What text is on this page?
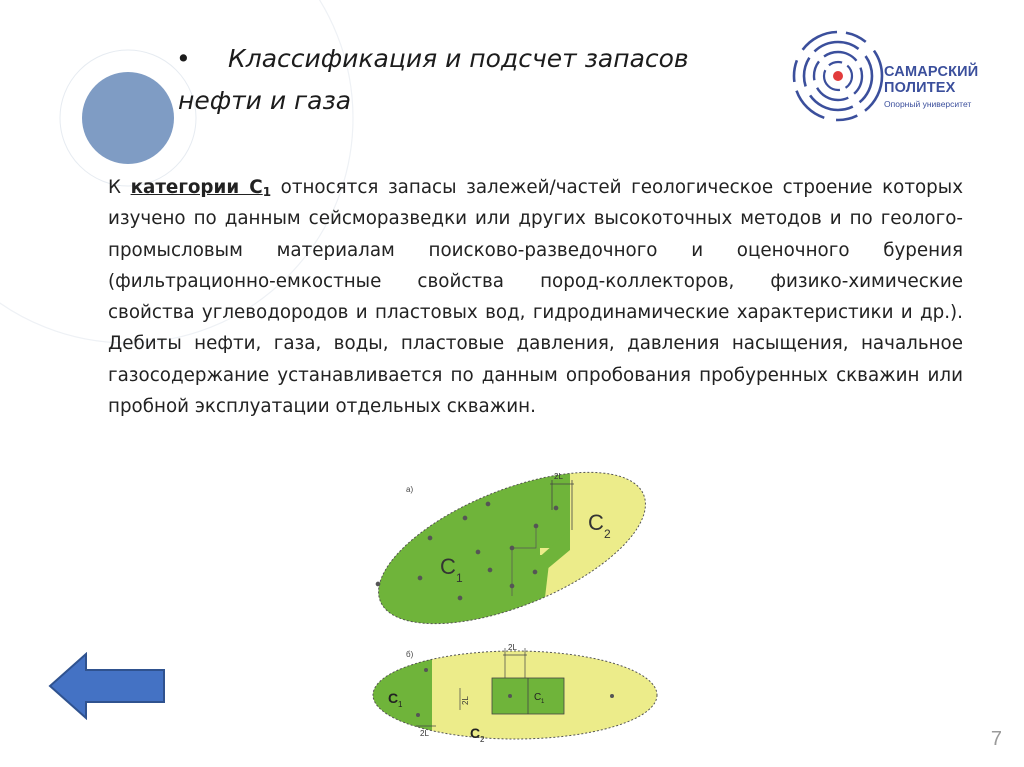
• Классификация и подсчет запасов
нефти и газа
САМАРСКИЙ
ПОЛИТЕХ
Опорный университет
К категории $С_1$ относятся запасы залежей/частей геологическое строение которых изучено по данным сейсморазведки или других высокоточных методов и по геолого-промысловым материалам поисково-разведочного и оценочного бурения (фильтрационно-емкостные свойства пород-коллекторов, физико-химические свойства углеводородов и пластовых вод, гидродинамические характеристики и др.). Дебиты нефти, газа, воды, пластовые давления, давления насыщения, начальное газосодержание устанавливается по данным опробования пробуренных скважин или пробной эксплуатации отдельных скважин.
а)
2L
C 1
C 2
б)
2L
2L
2L
C 1
C 1
C 2	7
